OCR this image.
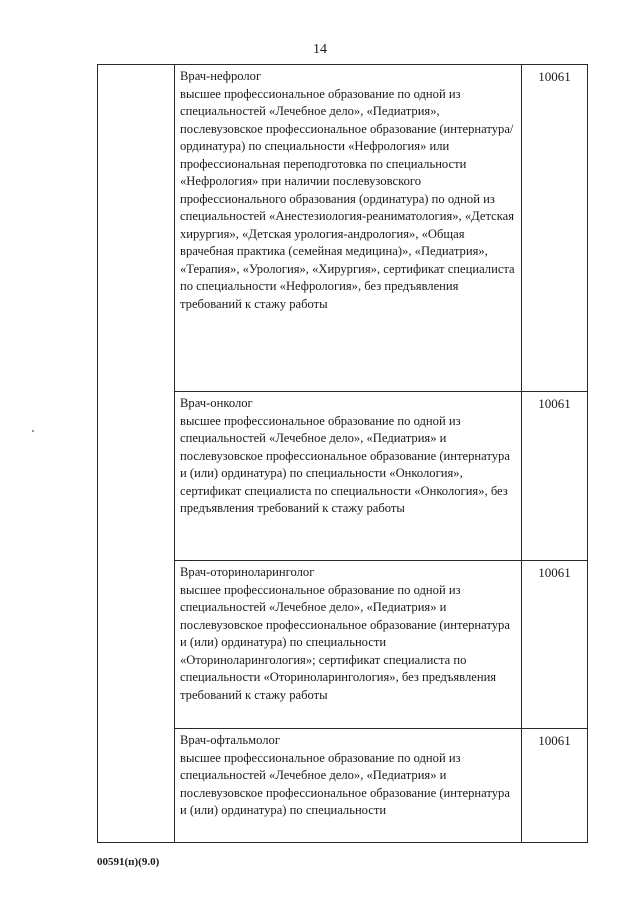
14

	Врач-нефролог
высшее профессиональное образование по одной из специальностей «Лечебное дело», «Педиатрия», послевузовское профессиональное образование (интернатура/ординатура) по специальности «Нефрология» или профессиональная переподготовка по специальности «Нефрология» при наличии послевузовского профессионального образования (ординатура) по одной из специальностей «Анестезиология-реаниматология», «Детская хирургия», «Детская урология-андрология», «Общая врачебная практика (семейная медицина)», «Педиатрия», «Терапия», «Урология», «Хирургия», сертификат специалиста по специальности «Нефрология», без предъявления требований к стажу работы	10061

	Врач-онколог
высшее профессиональное образование по одной из специальностей «Лечебное дело», «Педиатрия» и послевузовское профессиональное образование (интернатура и (или) ординатура) по специальности «Онкология», сертификат специалиста по специальности «Онкология», без предъявления требований к стажу работы	10061

	Врач-оториноларинголог
высшее профессиональное образование по одной из специальностей «Лечебное дело», «Педиатрия» и послевузовское профессиональное образование (интернатура и (или) ординатура) по специальности «Оториноларингология»; сертификат специалиста по специальности «Оториноларингология», без предъявления требований к стажу работы	10061

	Врач-офтальмолог
высшее профессиональное образование по одной из специальностей «Лечебное дело», «Педиатрия» и послевузовское профессиональное образование (интернатура и (или) ординатура) по специальности	10061
00591(п)(9.0)
